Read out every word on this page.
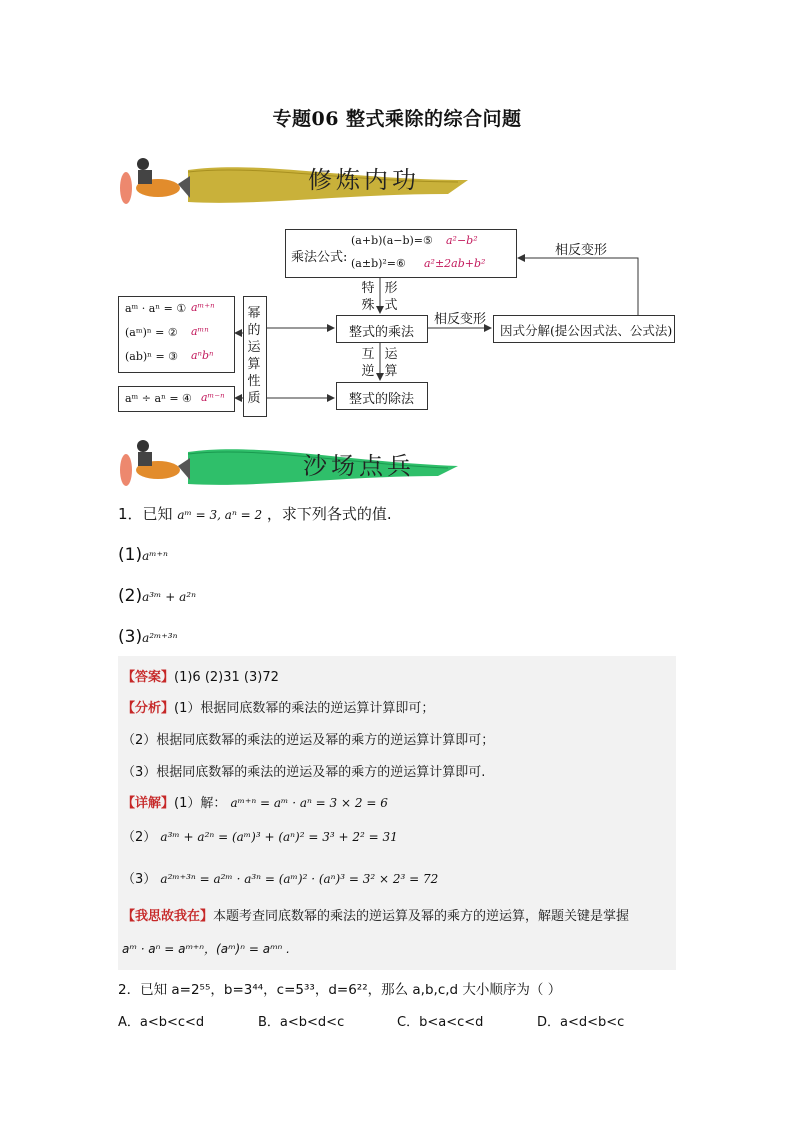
专题06 整式乘除的综合问题
修炼内功
乘法公式:
(a+b)(a−b)=⑤ a²−b²
(a±b)²=⑥ a²±2ab+b²
相反变形
相反变形
特殊
形式
整式的乘法
互逆
运算
整式的除法
因式分解(提公因式法、公式法)
幂的运算性质
aᵐ · aⁿ = ① aᵐ⁺ⁿ
(aᵐ)ⁿ = ② aᵐⁿ
(ab)ⁿ = ③ aⁿbⁿ
aᵐ ÷ aⁿ = ④ aᵐ⁻ⁿ
沙场点兵
1．已知 aᵐ = 3, aⁿ = 2 ，求下列各式的值.
(1)aᵐ⁺ⁿ
(2)a³ᵐ + a²ⁿ
(3)a²ᵐ⁺³ⁿ
【答案】(1)6 (2)31 (3)72
【分析】(1）根据同底数幂的乘法的逆运算计算即可；
（2）根据同底数幂的乘法的逆运及幂的乘方的逆运算计算即可；
（3）根据同底数幂的乘法的逆运及幂的乘方的逆运算计算即可.
【详解】(1）解： aᵐ⁺ⁿ = aᵐ · aⁿ = 3 × 2 = 6
（2） a³ᵐ + a²ⁿ = (aᵐ)³ + (aⁿ)² = 3³ + 2² = 31
（3） a²ᵐ⁺³ⁿ = a²ᵐ · a³ⁿ = (aᵐ)² · (aⁿ)³ = 3² × 2³ = 72
【我思故我在】本题考查同底数幂的乘法的逆运算及幂的乘方的逆运算，解题关键是掌握
aᵐ · aⁿ = aᵐ⁺ⁿ，(aᵐ)ⁿ = aᵐⁿ .
2．已知 a=2⁵⁵，b=3⁴⁴，c=5³³，d=6²²，那么 a,b,c,d 大小顺序为（ ）
A．a<b<c<d	B．a<b<d<c	C．b<a<c<d	D．a<d<b<c
